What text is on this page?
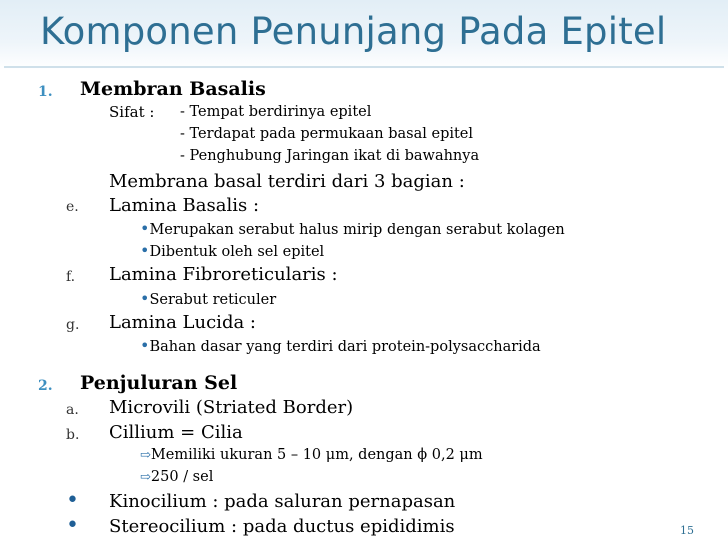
Komponen Penunjang Pada Epitel
1. Membran Basalis
Sifat : - Tempat berdirinya epitel
- Terdapat pada permukaan basal epitel
- Penghubung Jaringan ikat di bawahnya
Membrana basal terdiri dari 3 bagian :
e. Lamina Basalis :
•Merupakan serabut halus mirip dengan serabut kolagen
•Dibentuk oleh sel epitel
f. Lamina Fibroreticularis :
•Serabut reticuler
g. Lamina Lucida :
•Bahan dasar yang terdiri dari protein-polysaccharida
2. Penjuluran Sel
a. Microvili (Striated Border)
b. Cillium = Cilia
⇨Memiliki ukuran 5 – 10 μm, dengan ϕ 0,2 μm
⇨250 / sel
• Kinocilium : pada saluran pernapasan
• Stereocilium : pada ductus epididimis	15
